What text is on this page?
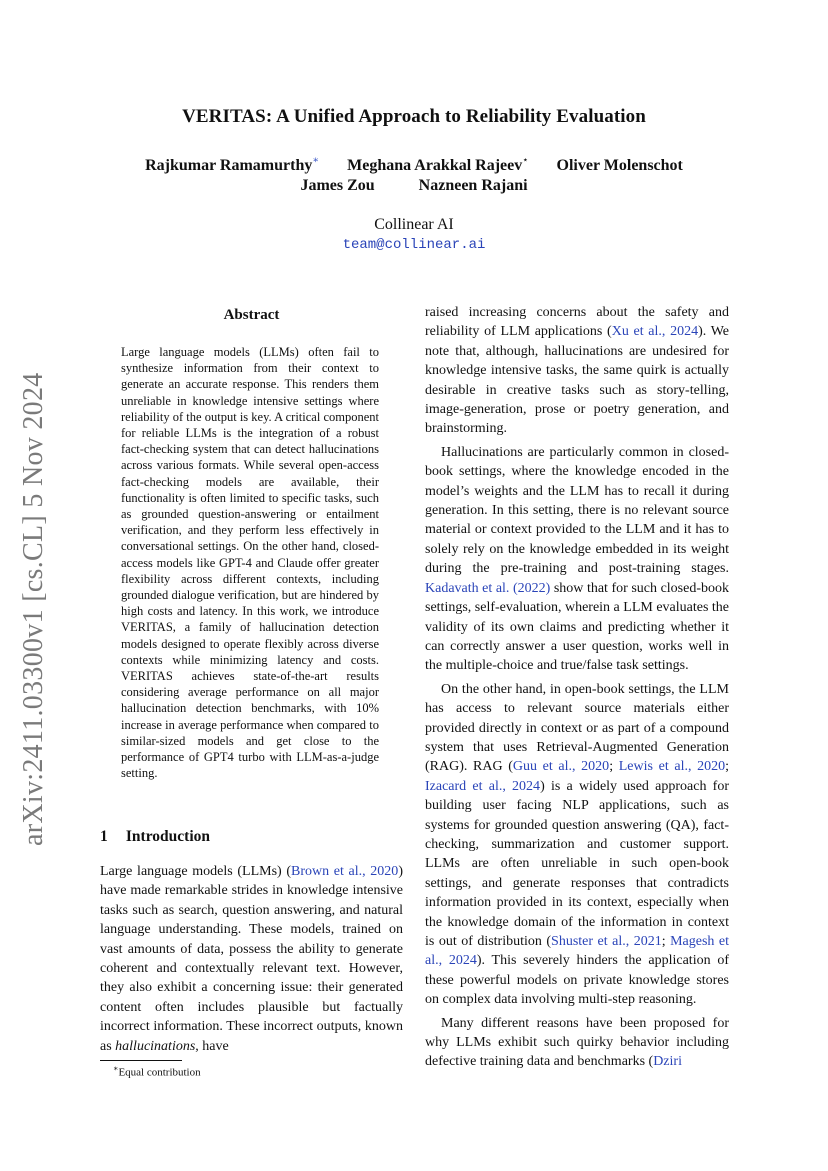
VERITAS: A Unified Approach to Reliability Evaluation
Rajkumar Ramamurthy∗ Meghana Arakkal Rajeev⋆ Oliver Molenschot
James Zou	Nazneen Rajani
Collinear AI
team@collinear.ai
arXiv:2411.03300v1 [cs.CL] 5 Nov 2024
Abstract
Large language models (LLMs) often fail to synthesize information from their context to generate an accurate response. This renders them unreliable in knowledge intensive settings where reliability of the output is key. A critical component for reliable LLMs is the integration of a robust fact-checking system that can detect hallucinations across various formats. While several open-access fact-checking models are available, their functionality is often limited to specific tasks, such as grounded question-answering or entailment verification, and they perform less effectively in conversational settings. On the other hand, closed-access models like GPT-4 and Claude offer greater flexibility across different contexts, including grounded dialogue verification, but are hindered by high costs and latency. In this work, we introduce VERITAS, a family of hallucination detection models designed to operate flexibly across diverse contexts while minimizing latency and costs. VERITAS achieves state-of-the-art results considering average performance on all major hallucination detection benchmarks, with 10% increase in average performance when compared to similar-sized models and get close to the performance of GPT4 turbo with LLM-as-a-judge setting.
1 Introduction
Large language models (LLMs) (Brown et al., 2020) have made remarkable strides in knowledge intensive tasks such as search, question answering, and natural language understanding. These models, trained on vast amounts of data, possess the ability to generate coherent and contextually relevant text. However, they also exhibit a concerning issue: their generated content often includes plausible but factually incorrect information. These incorrect outputs, known as hallucinations, have
∗Equal contribution

raised increasing concerns about the safety and reliability of LLM applications (Xu et al., 2024). We note that, although, hallucinations are undesired for knowledge intensive tasks, the same quirk is actually desirable in creative tasks such as story-telling, image-generation, prose or poetry generation, and brainstorming.

Hallucinations are particularly common in closed-book settings, where the knowledge encoded in the model’s weights and the LLM has to recall it during generation. In this setting, there is no relevant source material or context provided to the LLM and it has to solely rely on the knowledge embedded in its weight during the pre-training and post-training stages. Kadavath et al. (2022) show that for such closed-book settings, self-evaluation, wherein a LLM evaluates the validity of its own claims and predicting whether it can correctly answer a user question, works well in the multiple-choice and true/false task settings.

On the other hand, in open-book settings, the LLM has access to relevant source materials either provided directly in context or as part of a compound system that uses Retrieval-Augmented Generation (RAG). RAG (Guu et al., 2020; Lewis et al., 2020; Izacard et al., 2024) is a widely used approach for building user facing NLP applications, such as systems for grounded question answering (QA), fact-checking, summarization and customer support. LLMs are often unreliable in such open-book settings, and generate responses that contradicts information provided in its context, especially when the knowledge domain of the information in context is out of distribution (Shuster et al., 2021; Magesh et al., 2024). This severely hinders the application of these powerful models on private knowledge stores on complex data involving multi-step reasoning.

Many different reasons have been proposed for why LLMs exhibit such quirky behavior including defective training data and benchmarks (Dziri
